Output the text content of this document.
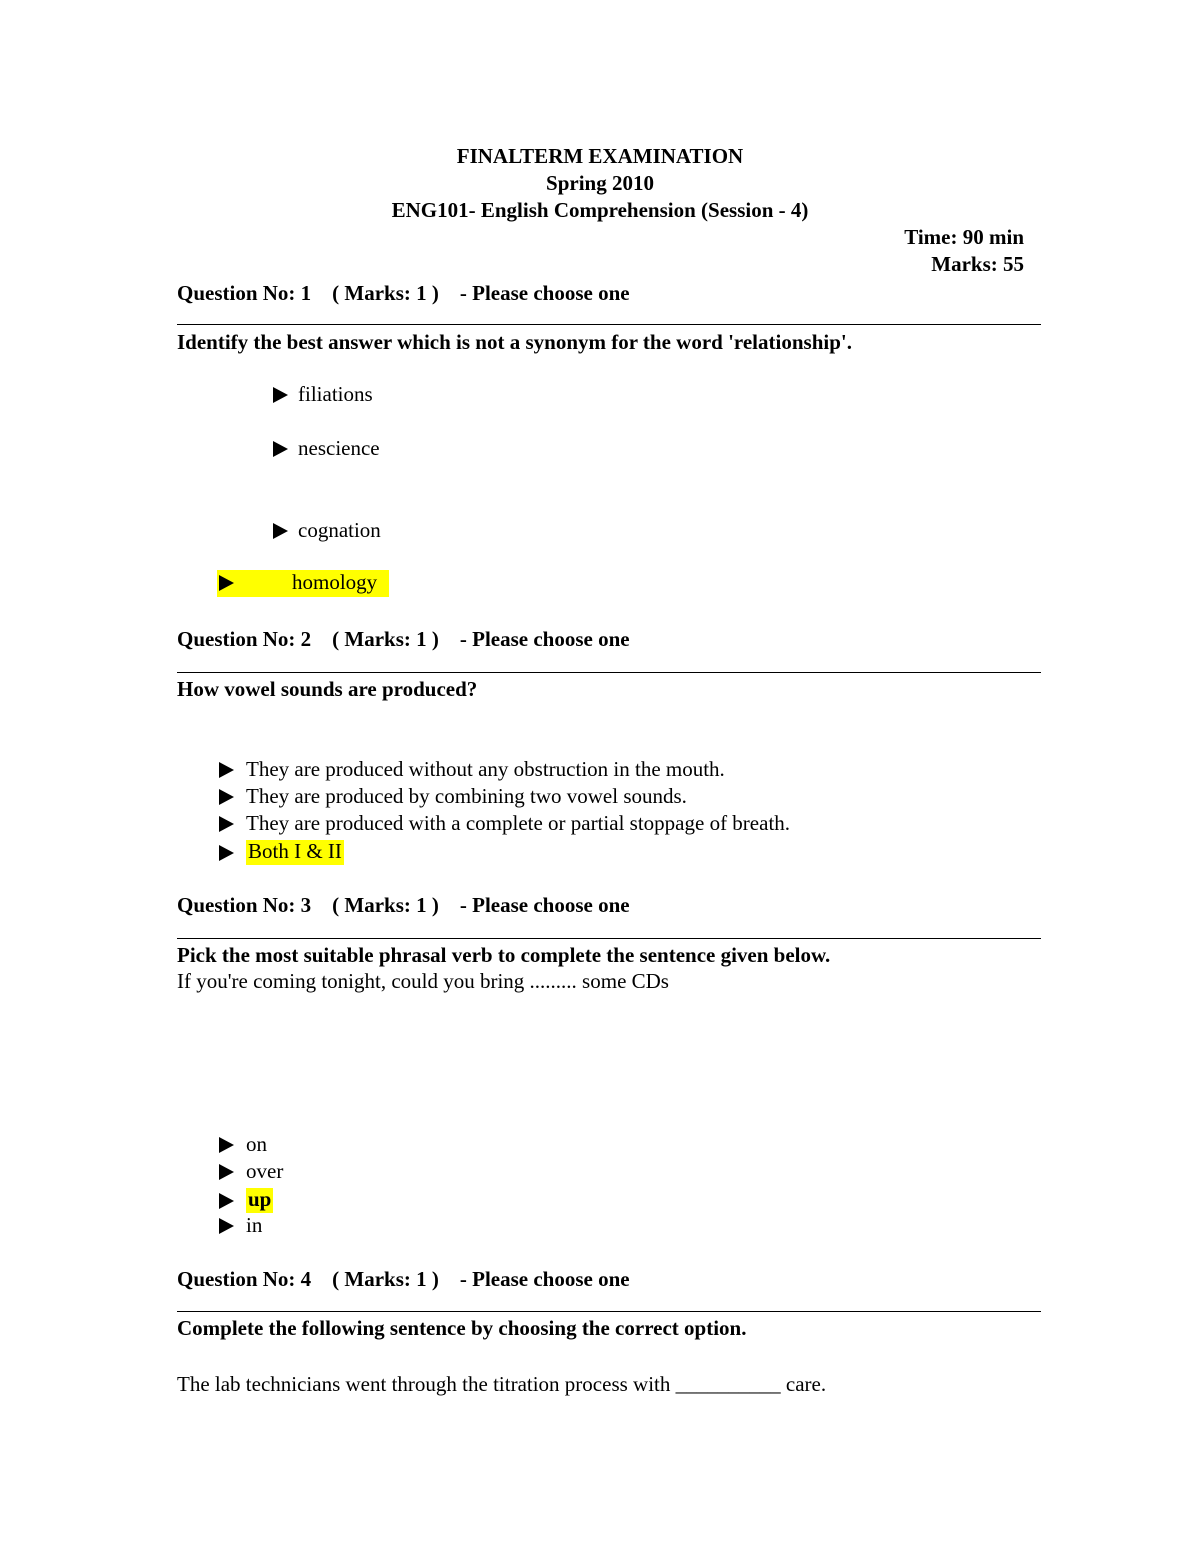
FINALTERM EXAMINATION
Spring 2010
ENG101- English Comprehension (Session - 4)
Time: 90 min
Marks: 55
Question No: 1    ( Marks: 1 )    - Please choose one
Identify the best answer which is not a synonym for the word 'relationship'.
filiations
nescience
cognation
homology
Question No: 2    ( Marks: 1 )    - Please choose one
How vowel sounds are produced?
They are produced without any obstruction in the mouth.
They are produced by combining two vowel sounds.
They are produced with a complete or partial stoppage of breath.
Both I & II
Question No: 3    ( Marks: 1 )    - Please choose one
Pick the most suitable phrasal verb to complete the sentence given below.
If you're coming tonight, could you bring ......... some CDs
on
over
up
in
Question No: 4    ( Marks: 1 )    - Please choose one
Complete the following sentence by choosing the correct option.
The lab technicians went through the titration process with __________ care.
